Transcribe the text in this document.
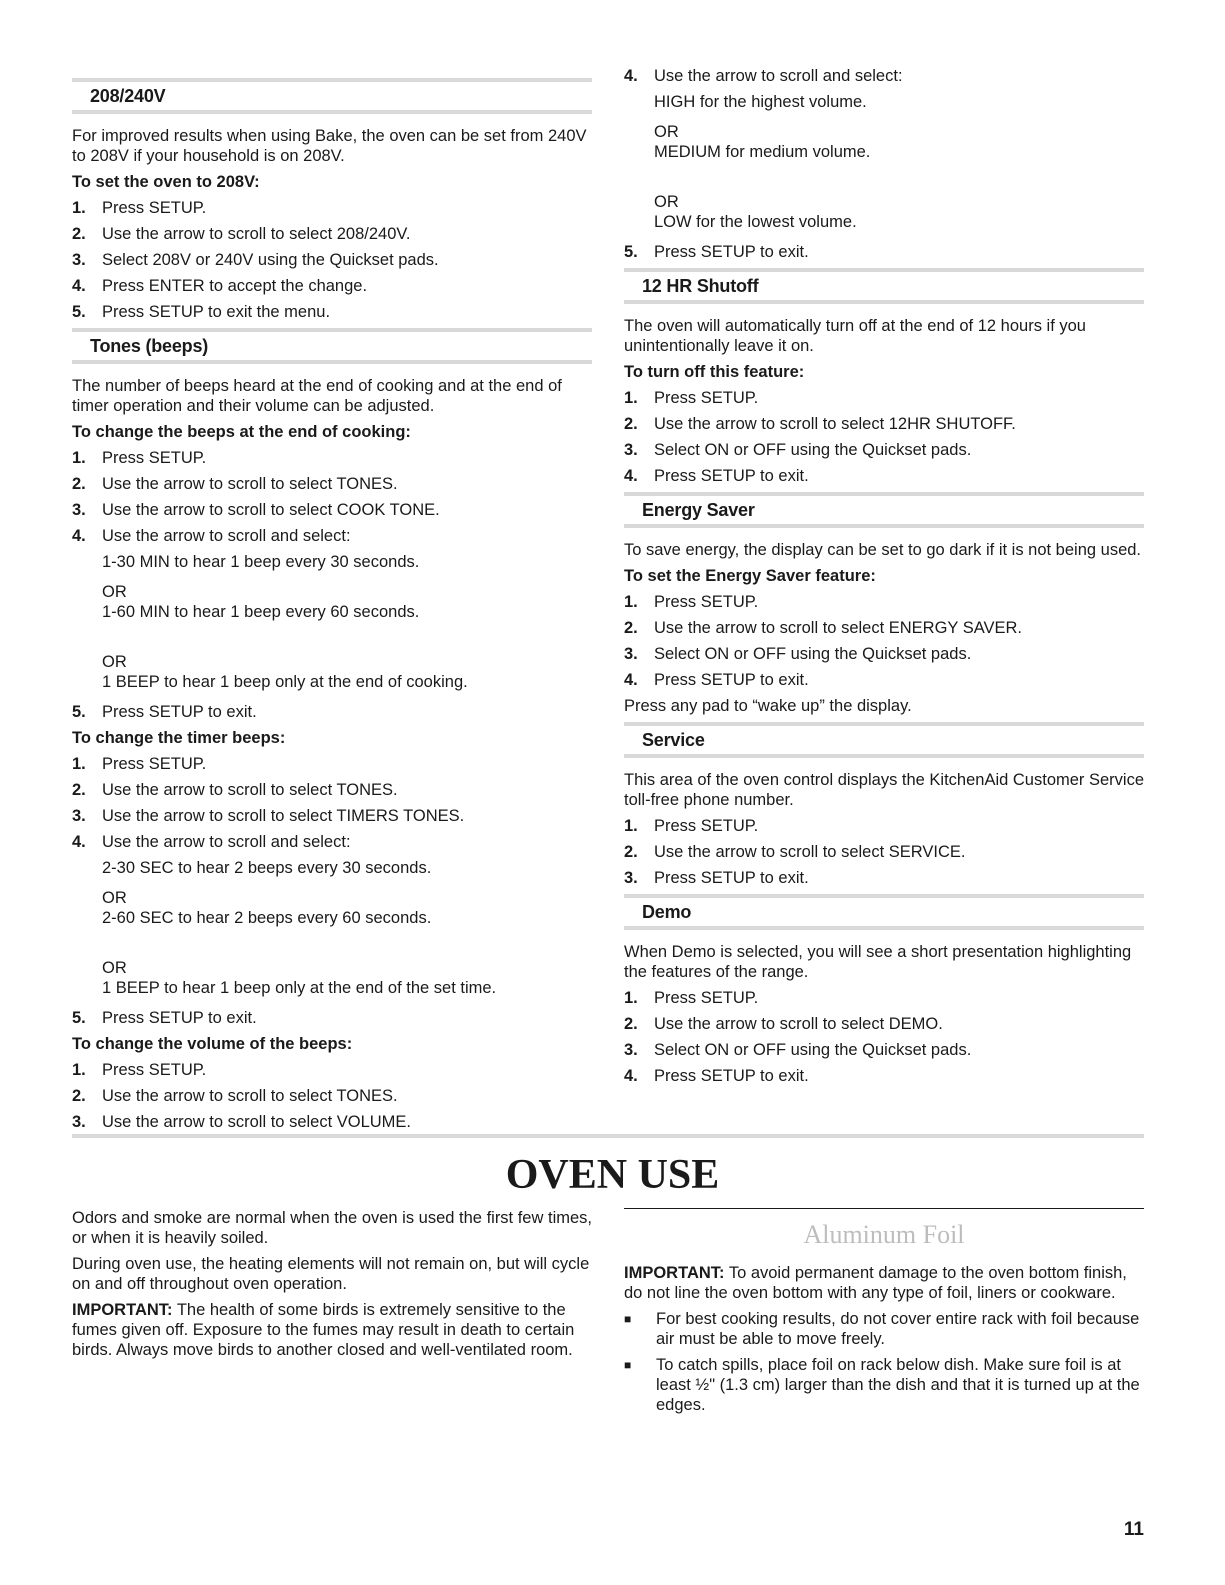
208/240V

For improved results when using Bake, the oven can be set from 240V to 208V if your household is on 208V.

To set the oven to 208V:
1. Press SETUP.
2. Use the arrow to scroll to select 208/240V.
3. Select 208V or 240V using the Quickset pads.
4. Press ENTER to accept the change.
5. Press SETUP to exit the menu.
Tones (beeps)

The number of beeps heard at the end of cooking and at the end of timer operation and their volume can be adjusted.

To change the beeps at the end of cooking:
1. Press SETUP.
2. Use the arrow to scroll to select TONES.
3. Use the arrow to scroll to select COOK TONE.
4. Use the arrow to scroll and select:
1-30 MIN to hear 1 beep every 30 seconds.
OR
1-60 MIN to hear 1 beep every 60 seconds.
OR
1 BEEP to hear 1 beep only at the end of cooking.
5. Press SETUP to exit.
To change the timer beeps:
1. Press SETUP.
2. Use the arrow to scroll to select TONES.
3. Use the arrow to scroll to select TIMERS TONES.
4. Use the arrow to scroll and select:
2-30 SEC to hear 2 beeps every 30 seconds.
OR
2-60 SEC to hear 2 beeps every 60 seconds.
OR
1 BEEP to hear 1 beep only at the end of the set time.
5. Press SETUP to exit.
To change the volume of the beeps:
1. Press SETUP.
2. Use the arrow to scroll to select TONES.
3. Use the arrow to scroll to select VOLUME.
4. Use the arrow to scroll and select:
HIGH for the highest volume.
OR
MEDIUM for medium volume.
OR
LOW for the lowest volume.
5. Press SETUP to exit.
12 HR Shutoff

The oven will automatically turn off at the end of 12 hours if you unintentionally leave it on.

To turn off this feature:
1. Press SETUP.
2. Use the arrow to scroll to select 12HR SHUTOFF.
3. Select ON or OFF using the Quickset pads.
4. Press SETUP to exit.
Energy Saver

To save energy, the display can be set to go dark if it is not being used.

To set the Energy Saver feature:
1. Press SETUP.
2. Use the arrow to scroll to select ENERGY SAVER.
3. Select ON or OFF using the Quickset pads.
4. Press SETUP to exit.

Press any pad to “wake up” the display.

Service

This area of the oven control displays the KitchenAid Customer Service toll-free phone number.

1. Press SETUP.
2. Use the arrow to scroll to select SERVICE.
3. Press SETUP to exit.
Demo

When Demo is selected, you will see a short presentation highlighting the features of the range.

1. Press SETUP.
2. Use the arrow to scroll to select DEMO.
3. Select ON or OFF using the Quickset pads.
4. Press SETUP to exit.
OVEN USE

Odors and smoke are normal when the oven is used the first few times, or when it is heavily soiled.

During oven use, the heating elements will not remain on, but will cycle on and off throughout oven operation.

IMPORTANT: The health of some birds is extremely sensitive to the fumes given off. Exposure to the fumes may result in death to certain birds. Always move birds to another closed and well-ventilated room.

Aluminum Foil

IMPORTANT: To avoid permanent damage to the oven bottom finish, do not line the oven bottom with any type of foil, liners or cookware.

■	For best cooking results, do not cover entire rack with foil because air must be able to move freely.
■	To catch spills, place foil on rack below dish. Make sure foil is at least ½" (1.3 cm) larger than the dish and that it is turned up at the edges.
11
